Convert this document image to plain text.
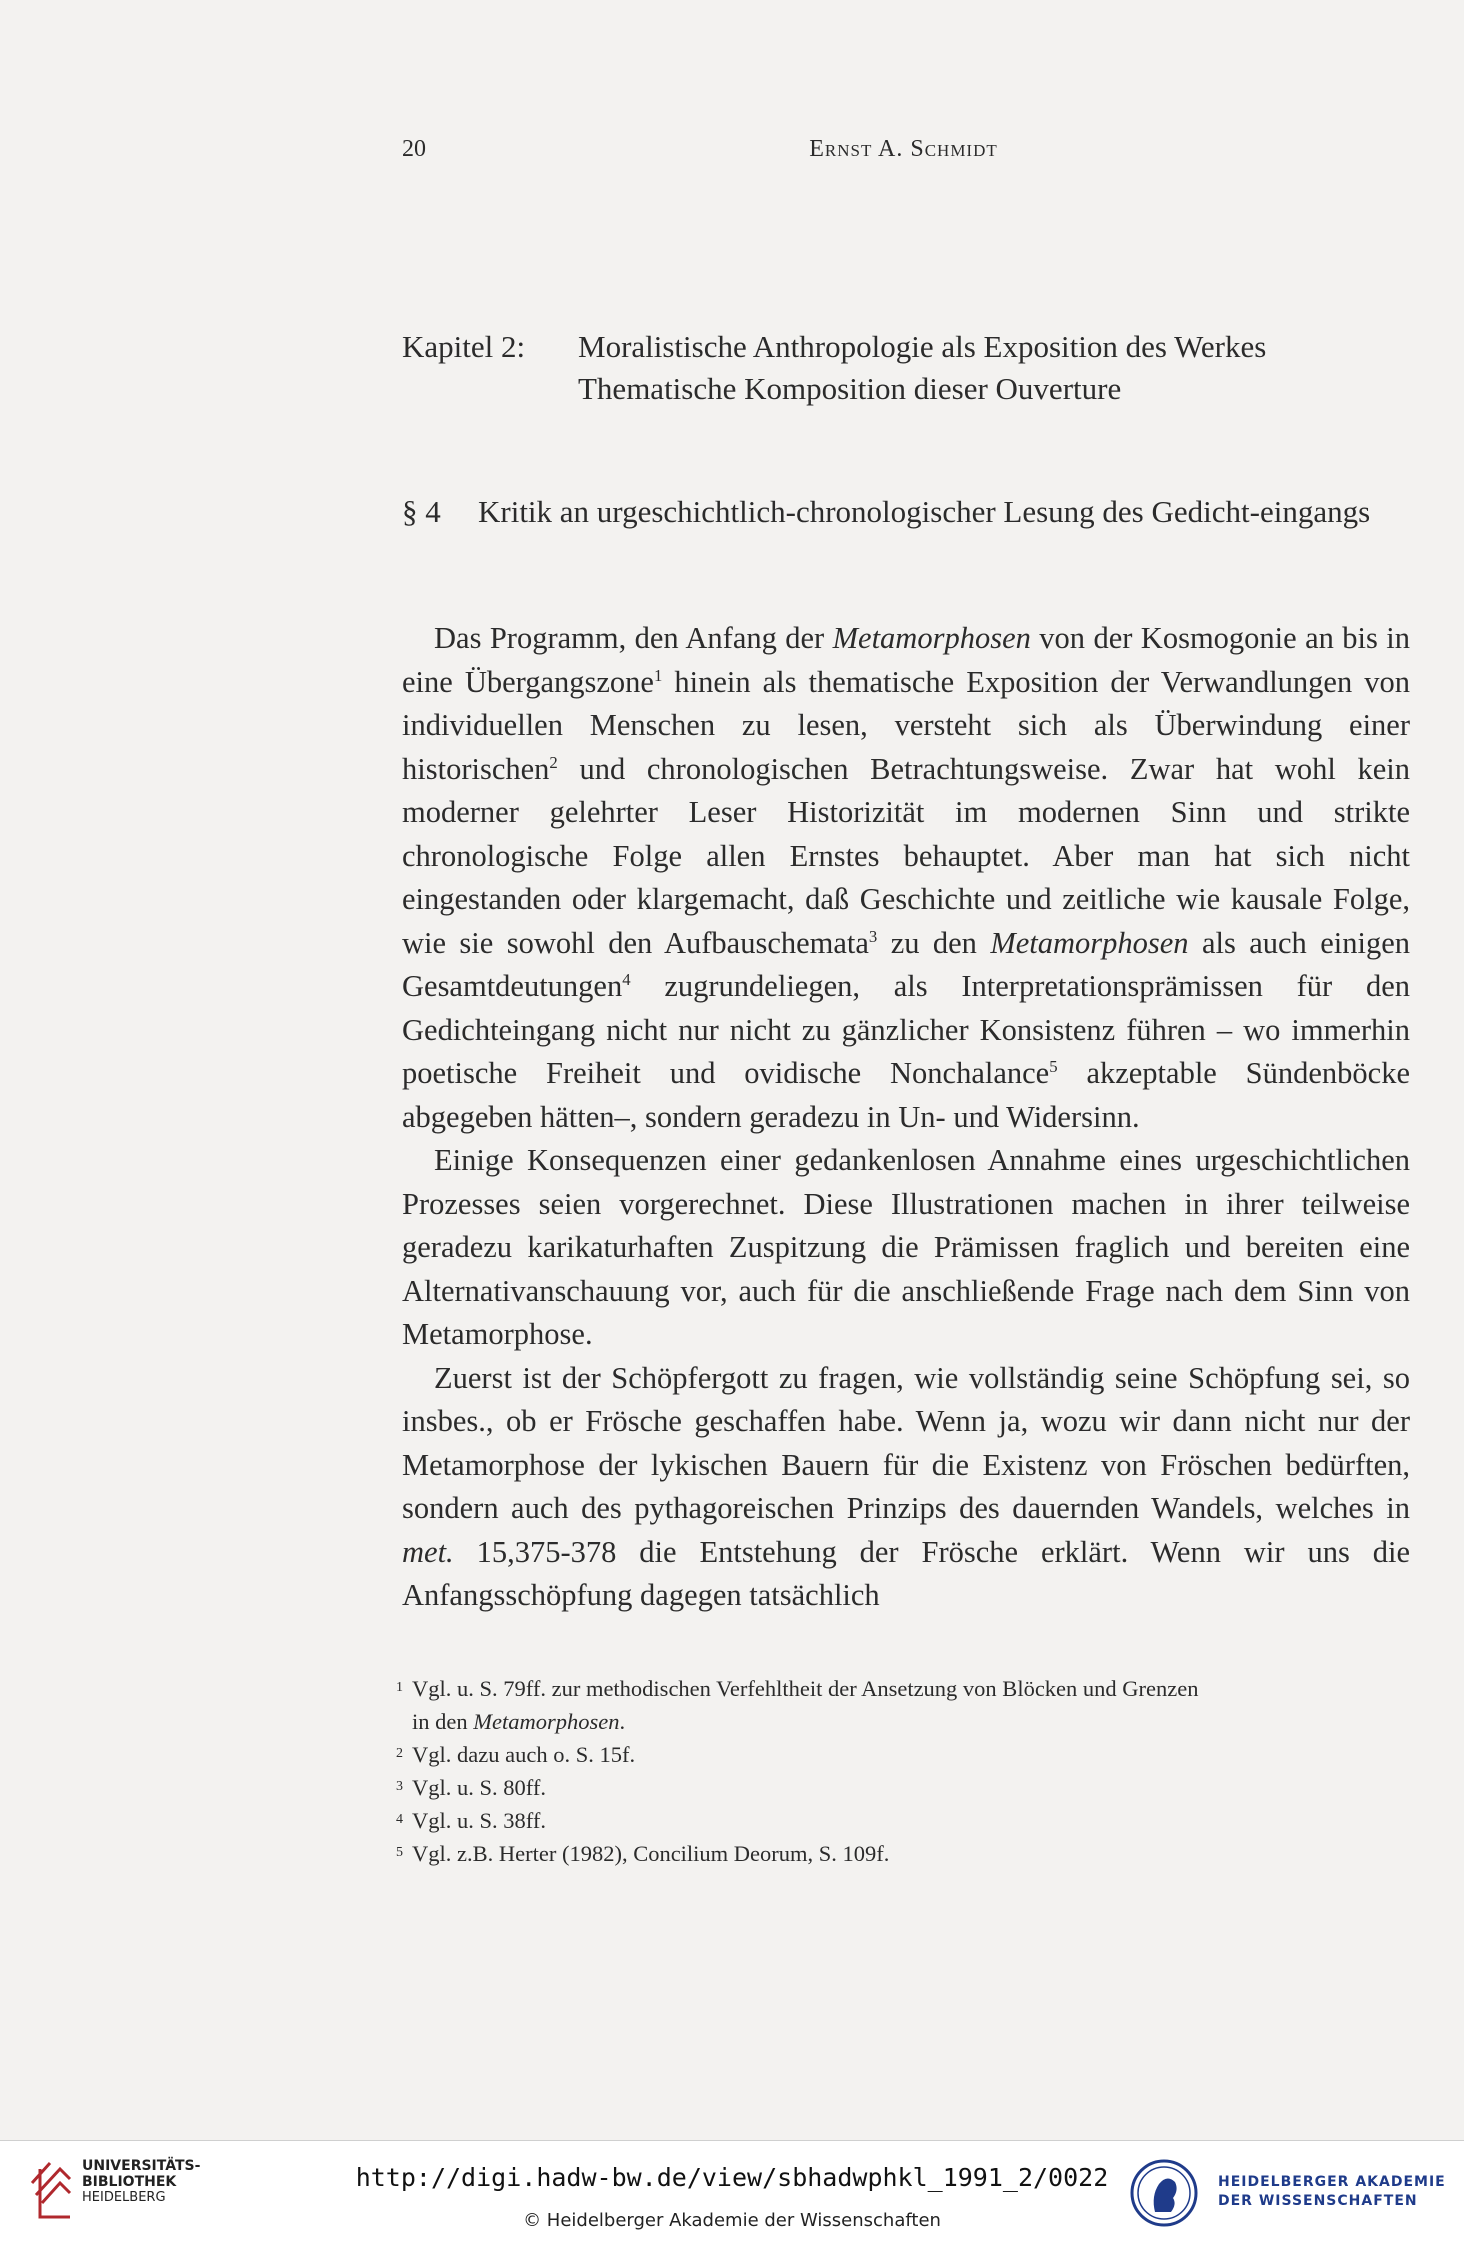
20	Ernst A. Schmidt
Kapitel 2: Moralistische Anthropologie als Exposition des Werkes
Thematische Komposition dieser Ouverture
§ 4 Kritik an urgeschichtlich-chronologischer Lesung des Gedicht-eingangs

Das Programm, den Anfang der Metamorphosen von der Kosmogonie an bis in eine Übergangszone$^1$ hinein als thematische Exposition der Verwandlungen von individuellen Menschen zu lesen, versteht sich als Überwindung einer historischen$^2$ und chronologischen Betrachtungsweise. Zwar hat wohl kein moderner gelehrter Leser Historizität im modernen Sinn und strikte chronologische Folge allen Ernstes behauptet. Aber man hat sich nicht eingestanden oder klargemacht, daß Geschichte und zeitliche wie kausale Folge, wie sie sowohl den Aufbauschemata$^3$ zu den Metamorphosen als auch einigen Gesamtdeutungen$^4$ zugrundeliegen, als Interpretationsprämissen für den Gedichteingang nicht nur nicht zu gänzlicher Konsistenz führen – wo immerhin poetische Freiheit und ovidische Nonchalance$^5$ akzeptable Sündenböcke abgegeben hätten–, sondern geradezu in Un- und Widersinn.

Einige Konsequenzen einer gedankenlosen Annahme eines urgeschichtlichen Prozesses seien vorgerechnet. Diese Illustrationen machen in ihrer teilweise geradezu karikaturhaften Zuspitzung die Prämissen fraglich und bereiten eine Alternativanschauung vor, auch für die anschließende Frage nach dem Sinn von Metamorphose.

Zuerst ist der Schöpfergott zu fragen, wie vollständig seine Schöpfung sei, so insbes., ob er Frösche geschaffen habe. Wenn ja, wozu wir dann nicht nur der Metamorphose der lykischen Bauern für die Existenz von Fröschen bedürften, sondern auch des pythagoreischen Prinzips des dauernden Wandels, welches in met. 15,375-378 die Entstehung der Frösche erklärt. Wenn wir uns die Anfangsschöpfung dagegen tatsächlich

1 Vgl. u. S. 79ff. zur methodischen Verfehltheit der Ansetzung von Blöcken und Grenzen
in den Metamorphosen.
2 Vgl. dazu auch o. S. 15f.
3 Vgl. u. S. 80ff.
4 Vgl. u. S. 38ff.
5 Vgl. z.B. Herter (1982), Concilium Deorum, S. 109f.
UNIVERSITÄTS-
BIBLIOTHEK
HEIDELBERG
http://digi.hadw-bw.de/view/sbhadwphkl_1991_2/0022
© Heidelberger Akademie der Wissenschaften
HEIDELBERGER AKADEMIE
DER WISSENSCHAFTEN
